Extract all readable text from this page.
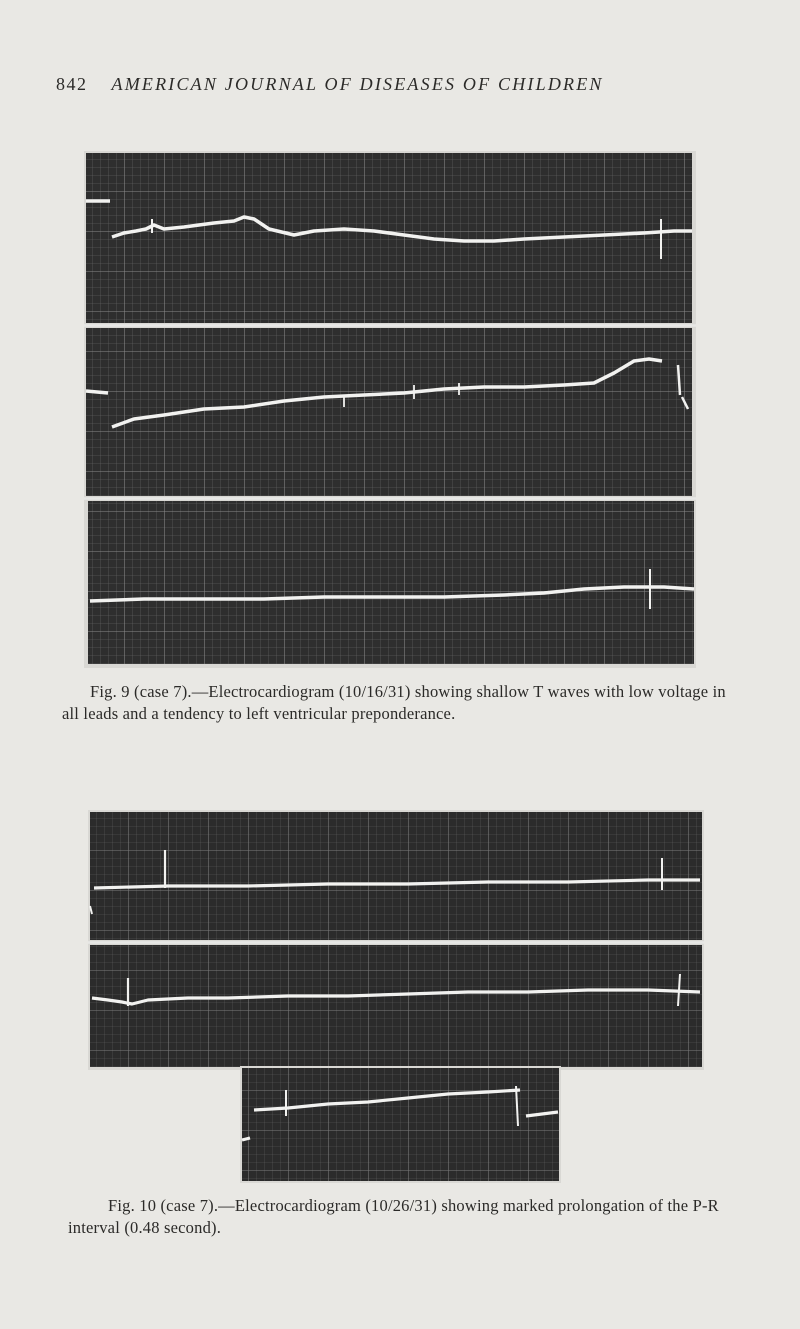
842 AMERICAN JOURNAL OF DISEASES OF CHILDREN
Fig. 9 (case 7).—Electrocardiogram (10/16/31) showing shallow T waves with low voltage in all leads and a tendency to left ventricular preponderance.
Fig. 10 (case 7).—Electrocardiogram (10/26/31) showing marked prolongation of the P-R interval (0.48 second).
